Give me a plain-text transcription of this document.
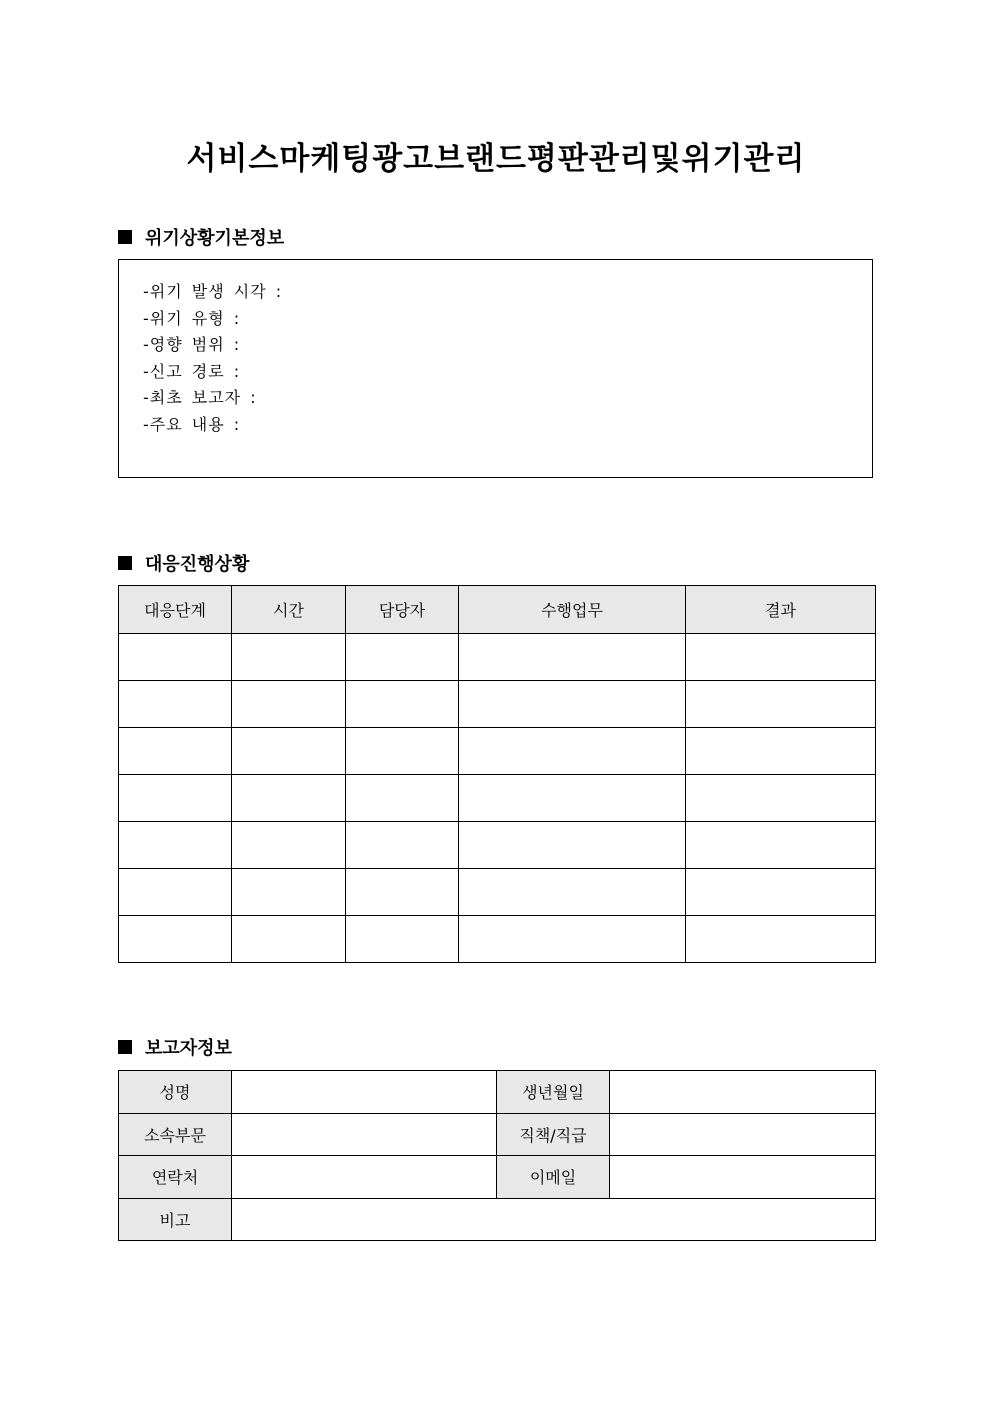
서비스마케팅광고브랜드평판관리및위기관리
위기상황기본정보
-위기 발생 시각 :
-위기 유형 :
-영향 범위 :
-신고 경로 :
-최초 보고자 :
-주요 내용 :
대응진행상황
대응단계	시간	담당자	수행업무	결과

보고자정보
성명		생년월일	
소속부문		직책/직급	
연락처		이메일	
비고			
